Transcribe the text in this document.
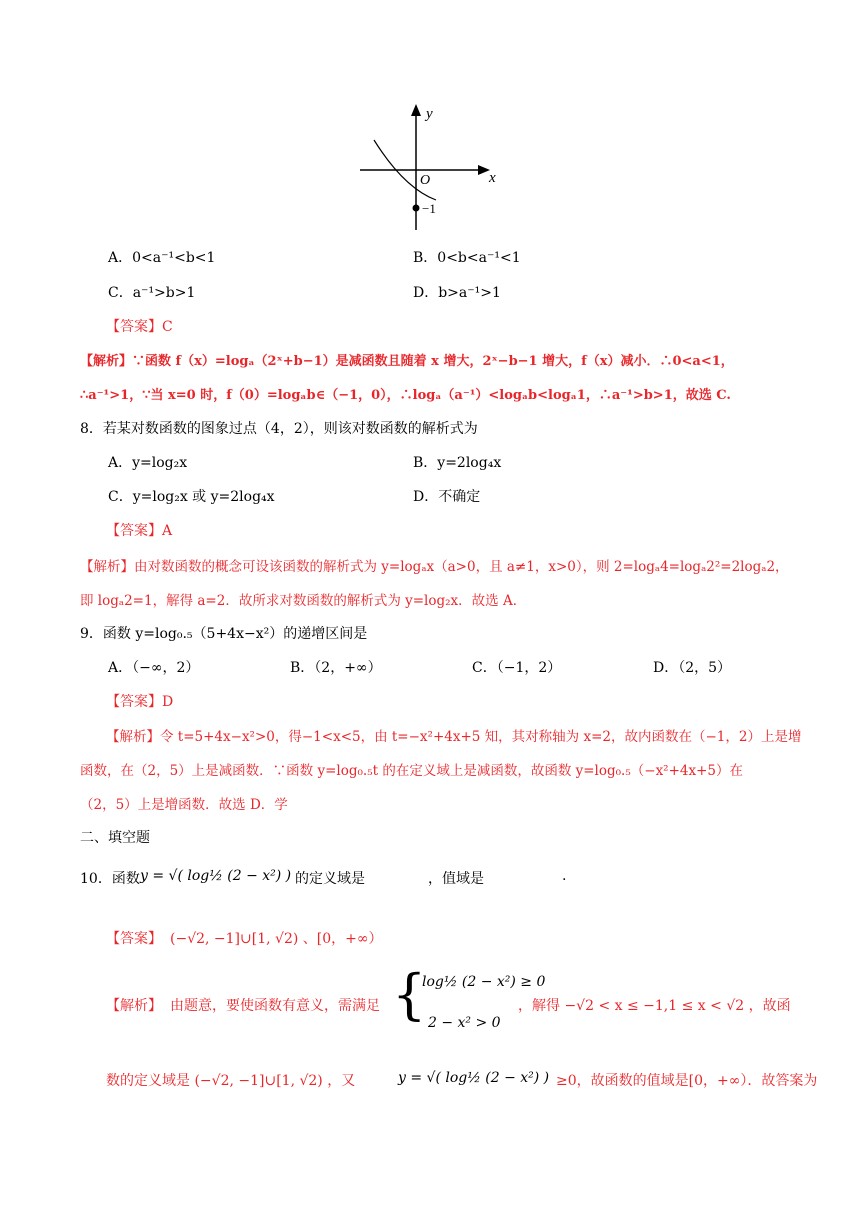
y
x
O
−1
A．0<a⁻¹<b<1	B．0<b<a⁻¹<1
C．a⁻¹>b>1	D．b>a⁻¹>1
【答案】C
【解析】∵函数 f（x）=logₐ（2ˣ+b−1）是减函数且随着 x 增大，2ˣ−b−1 增大，f（x）减小．∴0<a<1，
∴a⁻¹>1，∵当 x=0 时，f（0）=logₐb∈（−1，0），∴logₐ（a⁻¹）<logₐb<logₐ1，∴a⁻¹>b>1，故选 C.
8．若某对数函数的图象过点（4，2），则该对数函数的解析式为
A．y=log₂x	B．y=2log₄x
C．y=log₂x 或 y=2log₄x	D．不确定
【答案】A
【解析】由对数函数的概念可设该函数的解析式为 y=logₐx（a>0，且 a≠1，x>0），则 2=logₐ4=logₐ2²=2logₐ2，
即 logₐ2=1，解得 a=2．故所求对数函数的解析式为 y=log₂x．故选 A．
9．函数 y=log₀.₅（5+4x−x²）的递增区间是
A．（−∞，2）	B．（2，+∞）	C．（−1，2）	D．（2，5）
【答案】D
【解析】令 t=5+4x−x²>0，得−1<x<5，由 t=−x²+4x+5 知，其对称轴为 x=2，故内函数在（−1，2）上是增
函数，在（2，5）上是减函数．∵函数 y=log₀.₅t 的在定义域上是减函数，故函数 y=log₀.₅（−x²+4x+5）在
（2，5）上是增函数．故选 D．学
二、填空题
10．函数 y = √( log½ (2 − x²) ) 的定义域是	，值域是	.
【答案】 (−√2, −1]∪[1, √2) 、[0，+∞）
【解析】 由题意，要使函数有意义，需满足 {
log½ (2 − x²) ≥ 0
2 − x² > 0
，解得 −√2 < x ≤ −1,1 ≤ x < √2 ，故函
数的定义域是 (−√2, −1]∪[1, √2) ，又	y = √( log½ (2 − x²) ) ≥0，故函数的值域是[0，+∞）．故答案为
